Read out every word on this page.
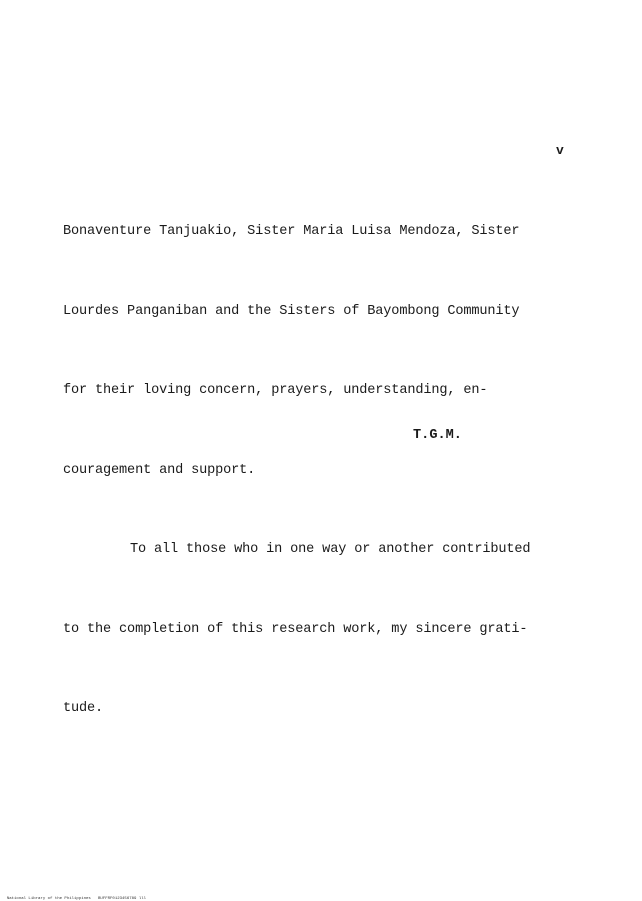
v

Bonaventure Tanjuakio, Sister Maria Luisa Mendoza, Sister

Lourdes Panganiban and the Sisters of Bayombong Community

for their loving concern, prayers, understanding, en-

couragement and support.

To all those who in one way or another contributed

to the completion of this research work, my sincere grati-

tude.

T.G.M.

National Library of the Philippines BUFFRF0123456789 lll
